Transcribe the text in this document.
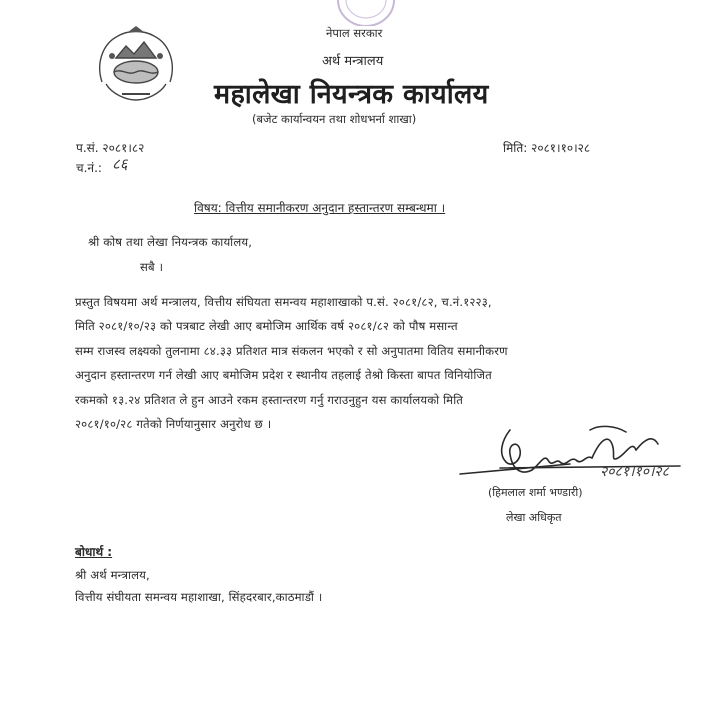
नेपाल सरकार
अर्थ मन्त्रालय
महालेखा नियन्त्रक कार्यालय
(बजेट कार्यान्वयन तथा शोधभर्ना शाखा)
प.सं. २०८१।८२
च.नं.: ८६
मिति: २०८१।१०।२८
विषय: वित्तीय समानीकरण अनुदान हस्तान्तरण सम्बन्धमा ।
श्री कोष तथा लेखा नियन्त्रक कार्यालय,
सबै ।
प्रस्तुत विषयमा अर्थ मन्त्रालय, वित्तीय संघियता समन्वय महाशाखाको प.सं. २०८१/८२, च.नं.१२२३,
मिति २०८१/१०/२३ को पत्रबाट लेखी आए बमोजिम आर्थिक वर्ष २०८१/८२ को पौष मसान्त
सम्म राजस्व लक्ष्यको तुलनामा ८४.३३ प्रतिशत मात्र संकलन भएको र सो अनुपातमा वितिय समानीकरण
अनुदान हस्तान्तरण गर्न लेखी आए बमोजिम प्रदेश र स्थानीय तहलाई तेश्रो किस्ता बापत विनियोजित
रकमको १३.२४ प्रतिशत ले हुन आउने रकम हस्तान्तरण गर्नु गराउनुहुन यस कार्यालयको मिति
२०८१/१०/२८ गतेको निर्णयानुसार अनुरोध छ ।
२०८१।१०।२८
(हिमलाल शर्मा भण्डारी)
लेखा अधिकृत
बोधार्थ :
श्री अर्थ मन्त्रालय,
वित्तीय संघीयता समन्वय महाशाखा, सिंहदरबार,काठमाडौं ।
